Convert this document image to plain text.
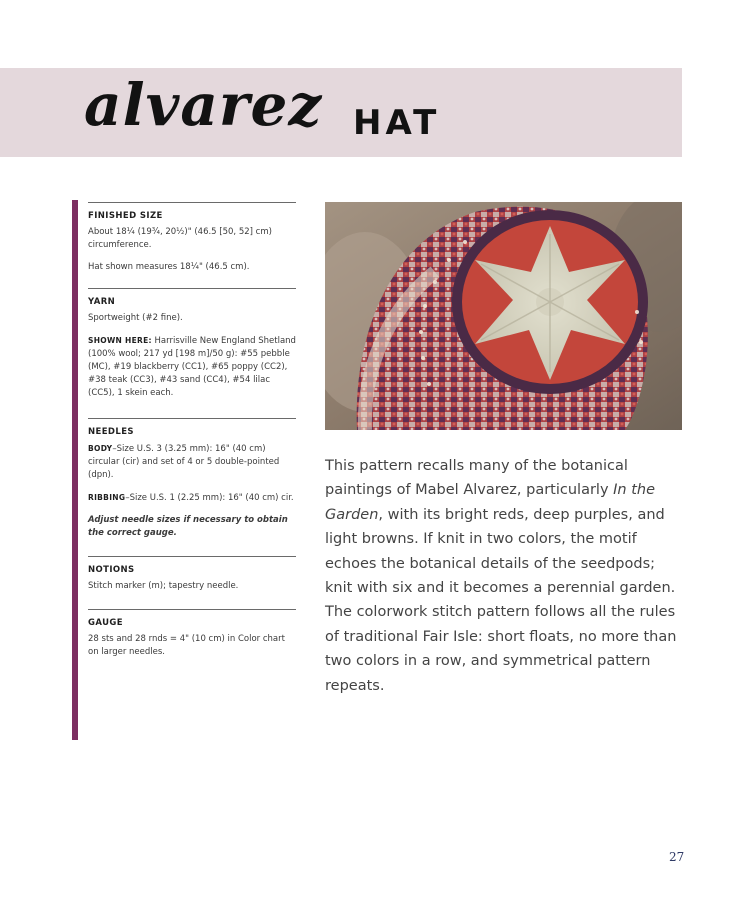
alvarez HAT
FINISHED SIZE

About 18¼ (19¾, 20½)" (46.5 [50, 52] cm) circumference.

Hat shown measures 18¼" (46.5 cm).

YARN

Sportweight (#2 fine).

SHOWN HERE: Harrisville New England Shetland (100% wool; 217 yd [198 m]/50 g): #55 pebble (MC), #19 blackberry (CC1), #65 poppy (CC2), #38 teak (CC3), #43 sand (CC4), #54 lilac (CC5), 1 skein each.

NEEDLES

BODY–Size U.S. 3 (3.25 mm): 16" (40 cm) circular (cir) and set of 4 or 5 double-pointed (dpn).

RIBBING–Size U.S. 1 (2.25 mm): 16" (40 cm) cir.

Adjust needle sizes if necessary to obtain the correct gauge.

NOTIONS

Stitch marker (m); tapestry needle.

GAUGE

28 sts and 28 rnds = 4" (10 cm) in Color chart on larger needles.

This pattern recalls many of the botanical paintings of Mabel Alvarez, particularly In the Garden, with its bright reds, deep purples, and light browns. If knit in two colors, the motif echoes the botanical details of the seedpods; knit with six and it becomes a perennial garden. The colorwork stitch pattern follows all the rules of traditional Fair Isle: short floats, no more than two colors in a row, and symmetrical pattern repeats.

27
